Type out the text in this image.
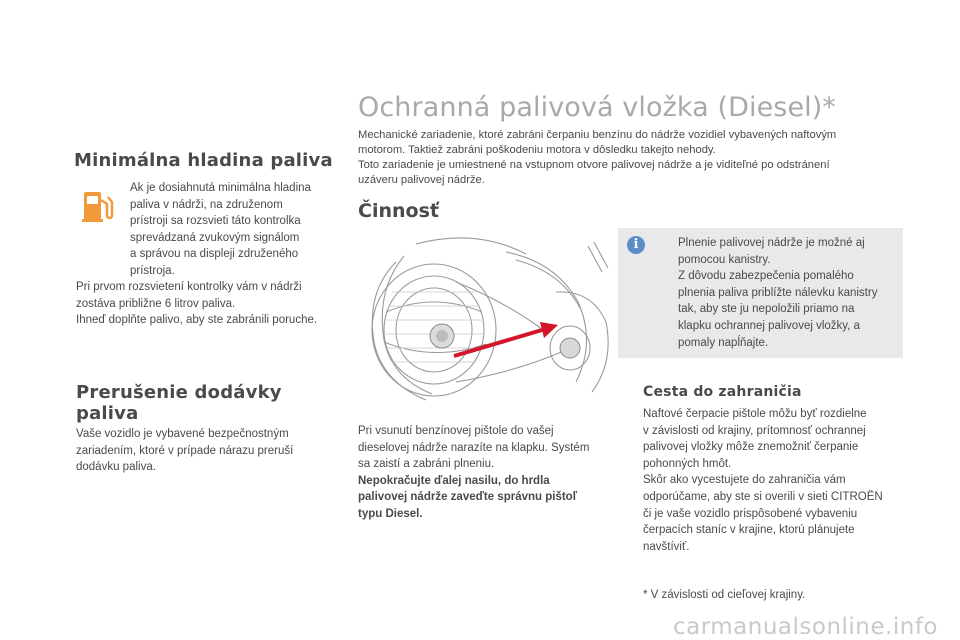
Minimálna hladina paliva

Ak je dosiahnutá minimálna hladina

paliva v nádrži, na združenom

prístroji sa rozsvieti táto kontrolka

sprevádzaná zvukovým signálom

a správou na displeji združeného

prístroja.

Pri prvom rozsvietení kontrolky vám v nádrži

zostáva približne 6 litrov paliva.

Ihneď doplňte palivo, aby ste zabránili poruche.

Prerušenie dodávky
paliva

Vaše vozidlo je vybavené bezpečnostným

zariadením, ktoré v prípade nárazu preruší

dodávku paliva.

Ochranná palivová vložka (Diesel)*

Mechanické zariadenie, ktoré zabráni čerpaniu benzínu do nádrže vozidiel vybavených naftovým

motorom. Taktiež zabráni poškodeniu motora v dôsledku takejto nehody.

Toto zariadenie je umiestnené na vstupnom otvore palivovej nádrže a je viditeľné po odstránení

uzáveru palivovej nádrže.

Činnosť

Pri vsunutí benzínovej pištole do vašej

dieselovej nádrže narazíte na klapku. Systém

sa zaistí a zabráni plneniu.

Nepokračujte ďalej nasilu, do hrdla

palivovej nádrže zaveďte správnu pištoľ

typu Diesel.

i	Plnenie palivovej nádrže je možné aj

pomocou kanistry.

Z dôvodu zabezpečenia pomalého

plnenia paliva priblížte nálevku kanistry

tak, aby ste ju nepoložili priamo na

klapku ochrannej palivovej vložky, a

pomaly napĺňajte.

Cesta do zahraničia

Naftové čerpacie pištole môžu byť rozdielne

v závislosti od krajiny, prítomnosť ochrannej

palivovej vložky môže znemožniť čerpanie

pohonných hmôt.

Skôr ako vycestujete do zahraničia vám

odporúčame, aby ste si overili v sieti CITROËN

či je vaše vozidlo prispôsobené vybaveniu

čerpacích staníc v krajine, ktorú plánujete

navštíviť.

* V závislosti od cieľovej krajiny.

carmanualsonline.info
